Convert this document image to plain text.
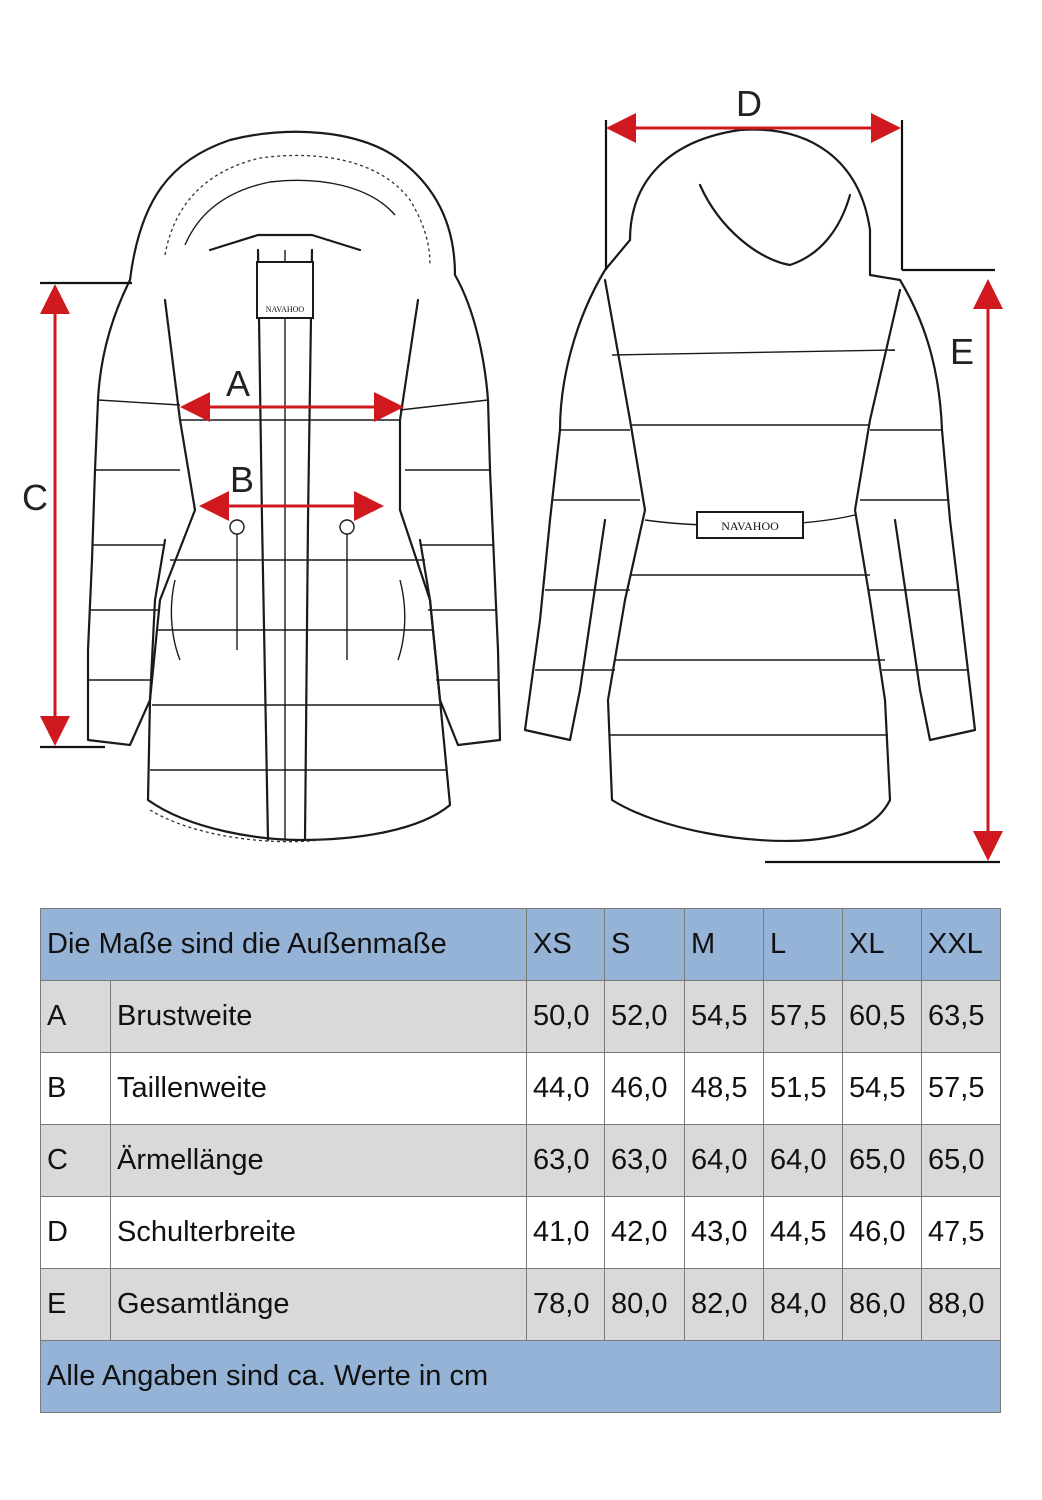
NAVAHOO
NAVAHOO
A
B
C
D
E
Die Maße sind die Außenmaße		XS	S	M	L	XL	XXL
A	Brustweite	50,0	52,0	54,5	57,5	60,5	63,5
B	Taillenweite	44,0	46,0	48,5	51,5	54,5	57,5
C	Ärmellänge	63,0	63,0	64,0	64,0	65,0	65,0
D	Schulterbreite	41,0	42,0	43,0	44,5	46,0	47,5
E	Gesamtlänge	78,0	80,0	82,0	84,0	86,0	88,0
Alle Angaben sind ca. Werte in cm							
